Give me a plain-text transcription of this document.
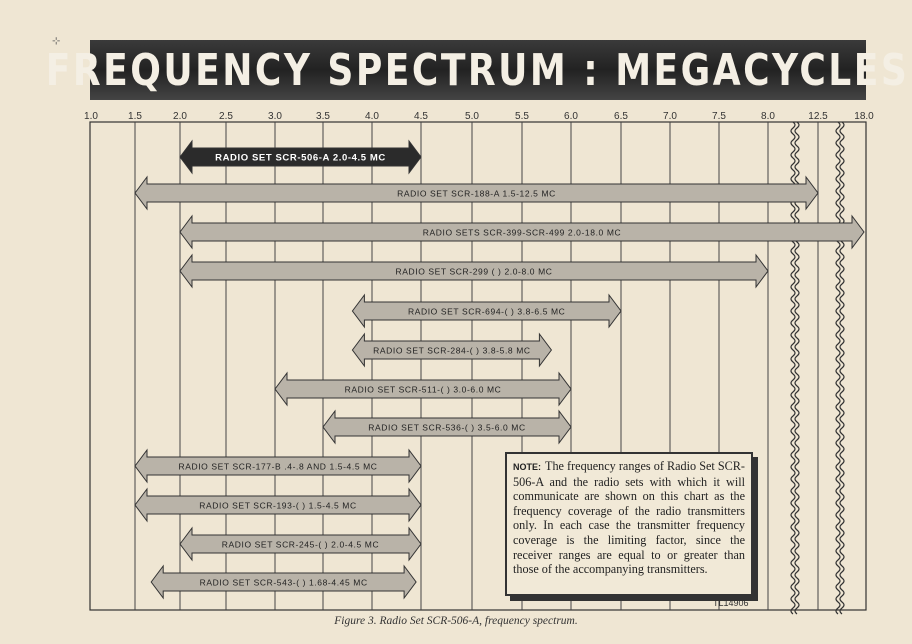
⊹
FREQUENCY SPECTRUM : MEGACYCLES
1.0	1.5	2.0	2.5	3.0	3.5	4.0	4.5	5.0	5.5	6.0	6.5	7.0	7.5	8.0	12.5	18.0
RADIO SET SCR-506-A 2.0-4.5 MC
RADIO SET SCR-188-A 1.5-12.5 MC
RADIO SETS SCR-399-SCR-499 2.0-18.0 MC
RADIO SET SCR-299 ( ) 2.0-8.0 MC
RADIO SET SCR-694-( ) 3.8-6.5 MC
RADIO SET SCR-284-( ) 3.8-5.8 MC
RADIO SET SCR-511-( ) 3.0-6.0 MC
RADIO SET SCR-536-( ) 3.5-6.0 MC
RADIO SET SCR-177-B .4-.8 AND 1.5-4.5 MC
RADIO SET SCR-193-( ) 1.5-4.5 MC
RADIO SET SCR-245-( ) 2.0-4.5 MC
RADIO SET SCR-543-( ) 1.68-4.45 MC
NOTE: The frequency ranges of Radio Set SCR-506-A and the radio sets with which it will communicate are shown on this chart as the frequency coverage of the radio transmitters only. In each case the transmitter frequency coverage is the limiting factor, since the receiver ranges are equal to or greater than those of the accompanying transmitters.
TL14906
Figure 3. Radio Set SCR-506-A, frequency spectrum.
